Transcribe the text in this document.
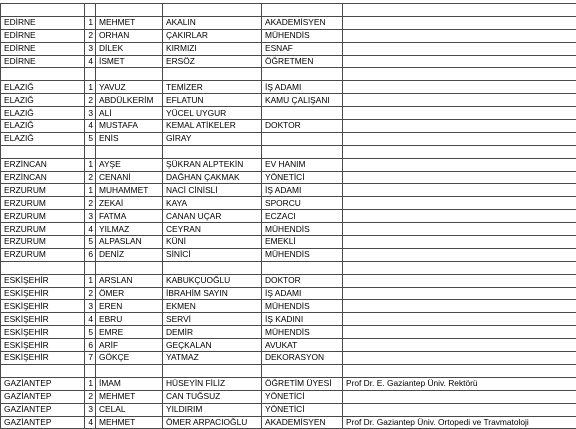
EDİRNE	1	MEHMET	AKALIN	AKADEMİSYEN	
EDİRNE	2	ORHAN	ÇAKIRLAR	MÜHENDİS	
EDİRNE	3	DİLEK	KIRMIZI	ESNAF	
EDİRNE	4	İSMET	ERSÖZ	ÖĞRETMEN	

ELAZIĞ	1	YAVUZ	TEMİZER	İŞ ADAMI	
ELAZIĞ	2	ABDÜLKERİM	EFLATUN	KAMU ÇALIŞANI	
ELAZIĞ	3	ALİ	YÜCEL UYGUR		
ELAZIĞ	4	MUSTAFA	KEMAL ATİKELER	DOKTOR	
ELAZIĞ	5	ENİS	GİRAY		

ERZİNCAN	1	AYŞE	ŞÜKRAN ALPTEKİN	EV HANIM	
ERZİNCAN	2	CENANİ	DAĞHAN ÇAKMAK	YÖNETİCİ	
ERZURUM	1	MUHAMMET	NACİ CİNİSLİ	İŞ ADAMI	
ERZURUM	2	ZEKAİ	KAYA	SPORCU	
ERZURUM	3	FATMA	CANAN UÇAR	ECZACI	
ERZURUM	4	YILMAZ	CEYRAN	MÜHENDİS	
ERZURUM	5	ALPASLAN	KÜNİ	EMEKLİ	
ERZURUM	6	DENİZ	SİNİCİ	MÜHENDİS	

ESKİŞEHİR	1	ARSLAN	KABUKÇUOĞLU	DOKTOR	
ESKİŞEHİR	2	ÖMER	İBRAHİM SAYIN	İŞ ADAMI	
ESKİŞEHİR	3	EREN	EKMEN	MÜHENDİS	
ESKİŞEHİR	4	EBRU	SERVİ	İŞ KADINI	
ESKİŞEHİR	5	EMRE	DEMİR	MÜHENDİS	
ESKİŞEHİR	6	ARİF	GEÇKALAN	AVUKAT	
ESKİŞEHİR	7	GÖKÇE	YATMAZ	DEKORASYON	

GAZİANTEP	1	İMAM	HÜSEYİN FİLİZ	ÖĞRETİM ÜYESİ	Prof Dr. E. Gaziantep Üniv. Rektörü
GAZİANTEP	2	MEHMET	CAN TUĞSUZ	YÖNETİCİ	
GAZİANTEP	3	CELAL	YILDIRIM	YÖNETİCİ	
GAZİANTEP	4	MEHMET	ÖMER ARPACIOĞLU	AKADEMİSYEN	Prof Dr. Gaziantep Üniv. Ortopedi ve Travmatoloji
